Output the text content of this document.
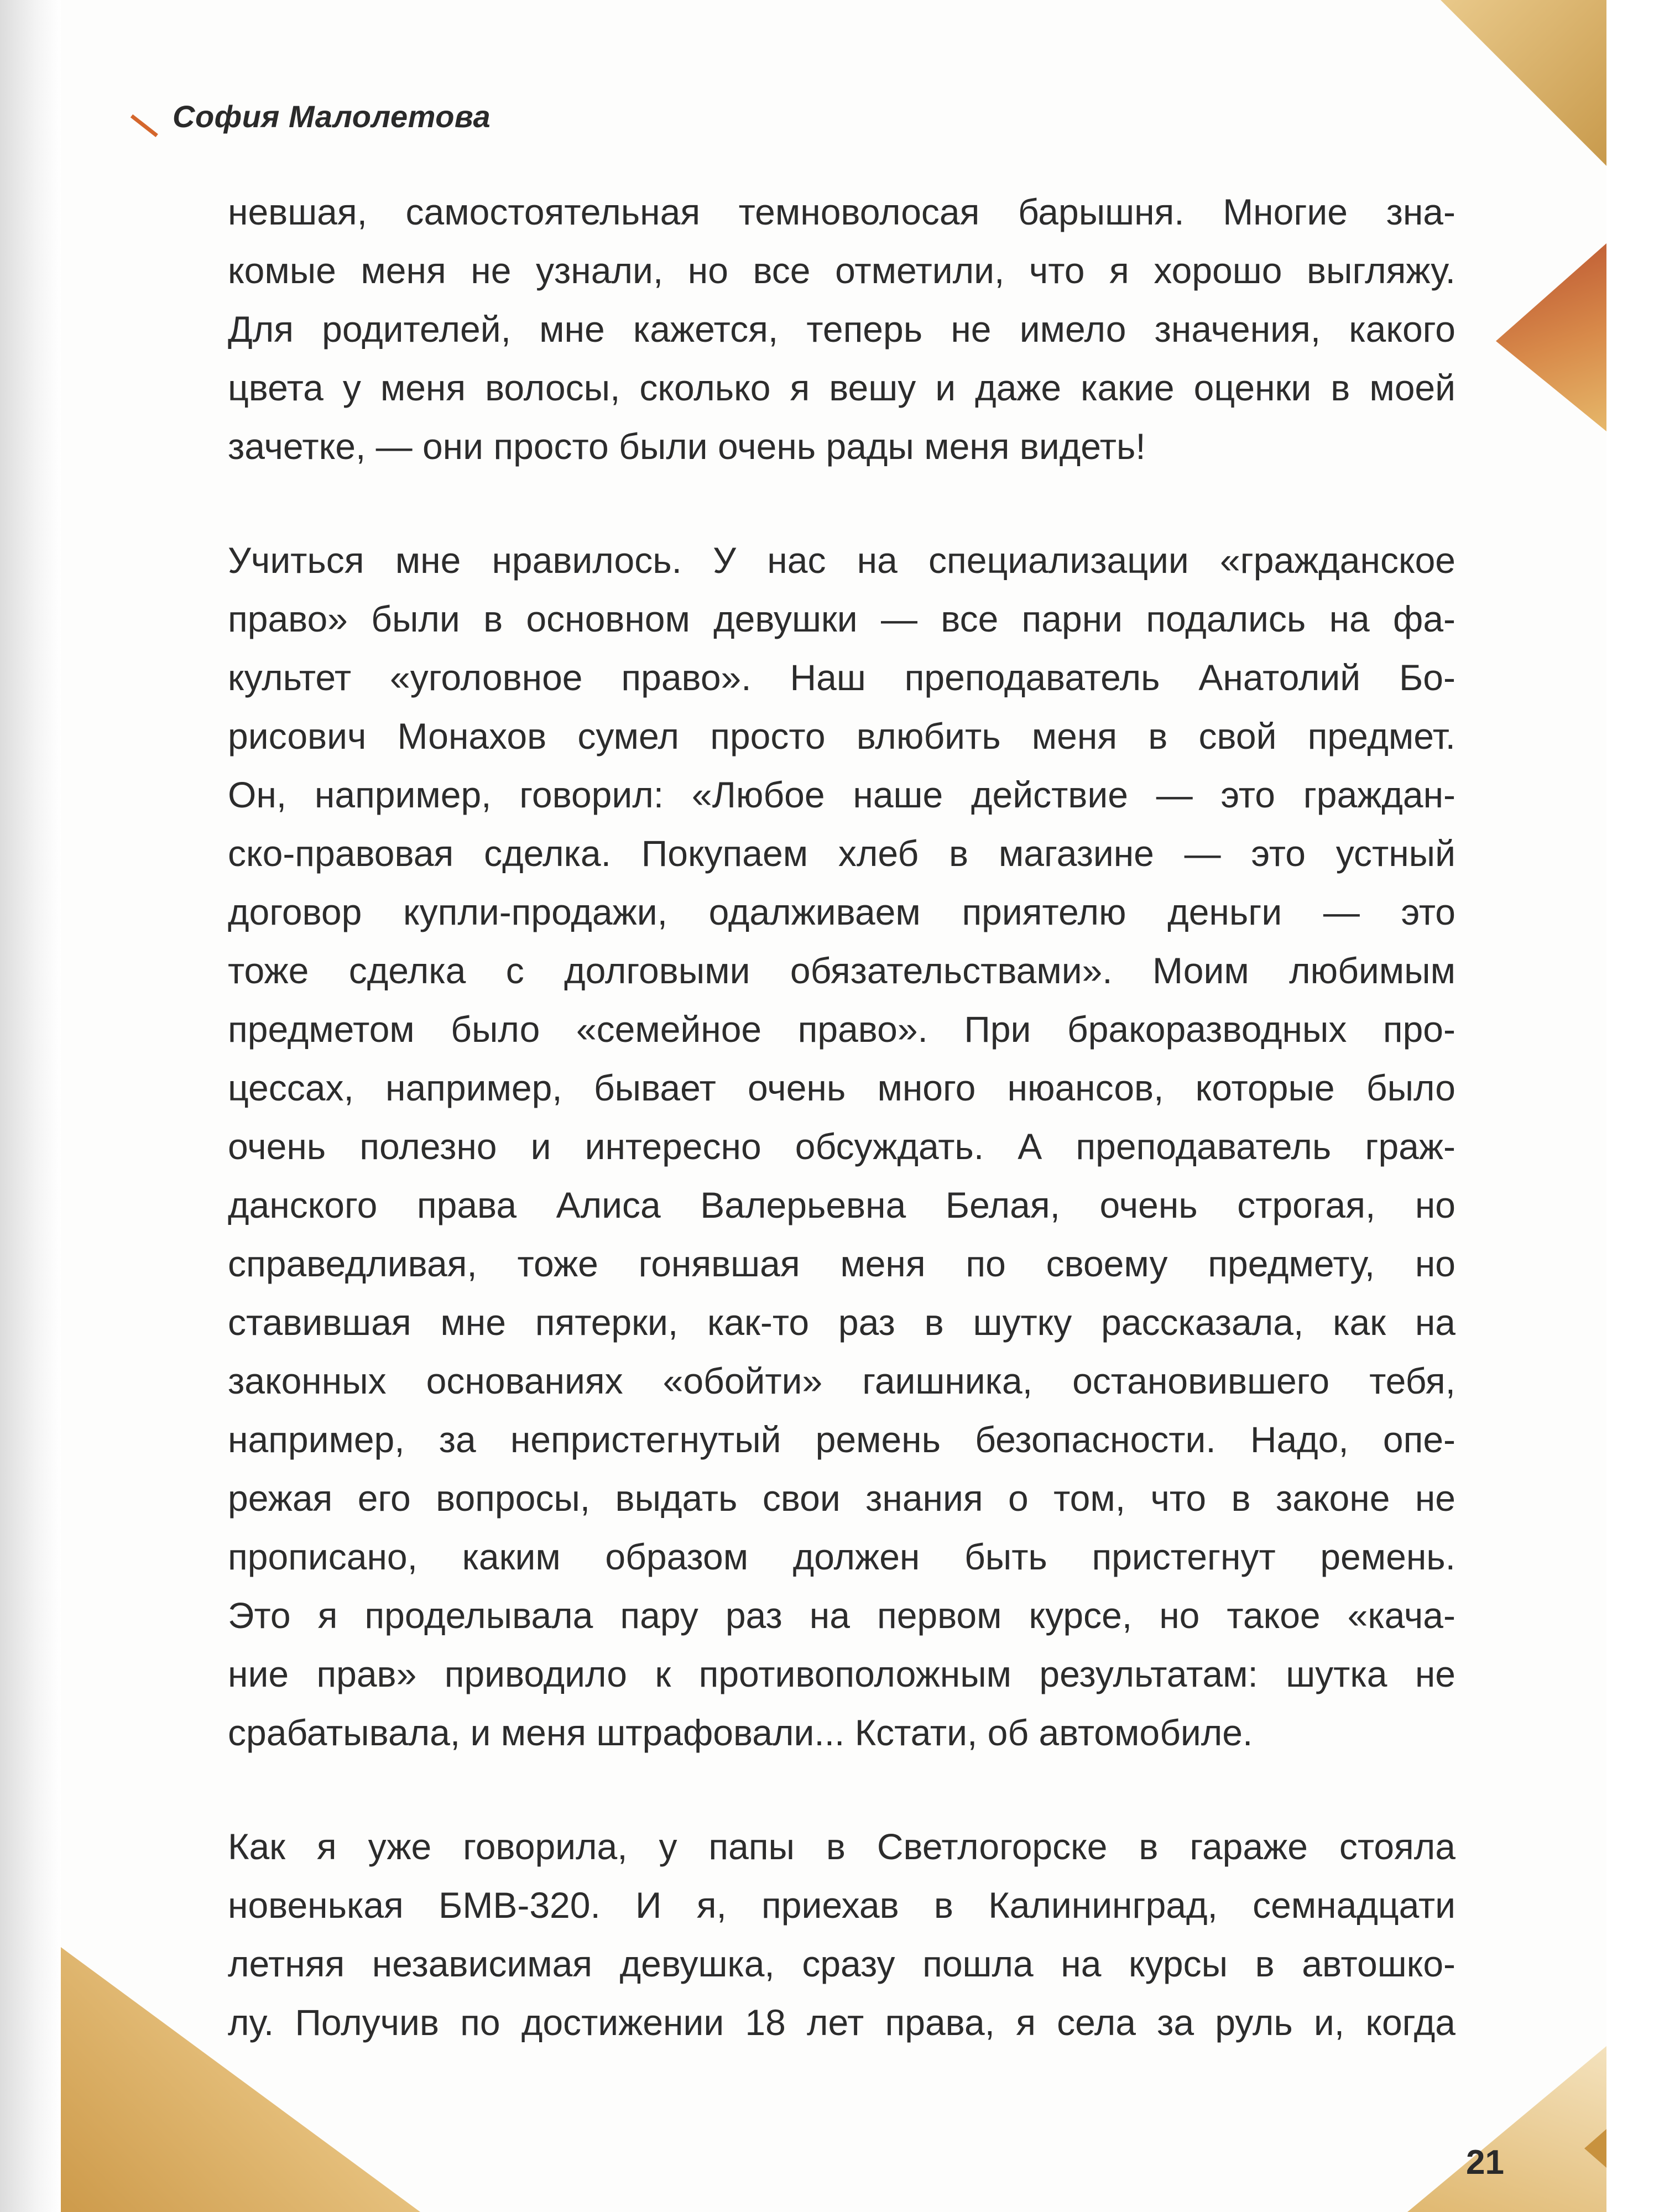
София Малолетова
невшая, самостоятельная темноволосая барышня. Многие зна-
комые меня не узнали, но все отметили, что я хорошо выгляжу.
Для родителей, мне кажется, теперь не имело значения, какого
цвета у меня волосы, сколько я вешу и даже какие оценки в моей
зачетке, — они просто были очень рады меня видеть!
Учиться мне нравилось. У нас на специализации «гражданское
право» были в основном девушки — все парни подались на фа-
культет «уголовное право». Наш преподаватель Анатолий Бо-
рисович Монахов сумел просто влюбить меня в свой предмет.
Он, например, говорил: «Любое наше действие — это граждан-
ско-правовая сделка. Покупаем хлеб в магазине — это устный
договор купли-продажи, одалживаем приятелю деньги — это
тоже сделка с долговыми обязательствами». Моим любимым
предметом было «семейное право». При бракоразводных про-
цессах, например, бывает очень много нюансов, которые было
очень полезно и интересно обсуждать. А преподаватель граж-
данского права Алиса Валерьевна Белая, очень строгая, но
справедливая, тоже гонявшая меня по своему предмету, но
ставившая мне пятерки, как-то раз в шутку рассказала, как на
законных основаниях «обойти» гаишника, остановившего тебя,
например, за непристегнутый ремень безопасности. Надо, опе-
режая его вопросы, выдать свои знания о том, что в законе не
прописано, каким образом должен быть пристегнут ремень.
Это я проделывала пару раз на первом курсе, но такое «кача-
ние прав» приводило к противоположным результатам: шутка не
срабатывала, и меня штрафовали... Кстати, об автомобиле.
Как я уже говорила, у папы в Светлогорске в гараже стояла
новенькая БМВ-320. И я, приехав в Калининград, семнадцати
летняя независимая девушка, сразу пошла на курсы в автошко-
лу. Получив по достижении 18 лет права, я села за руль и, когда
21
